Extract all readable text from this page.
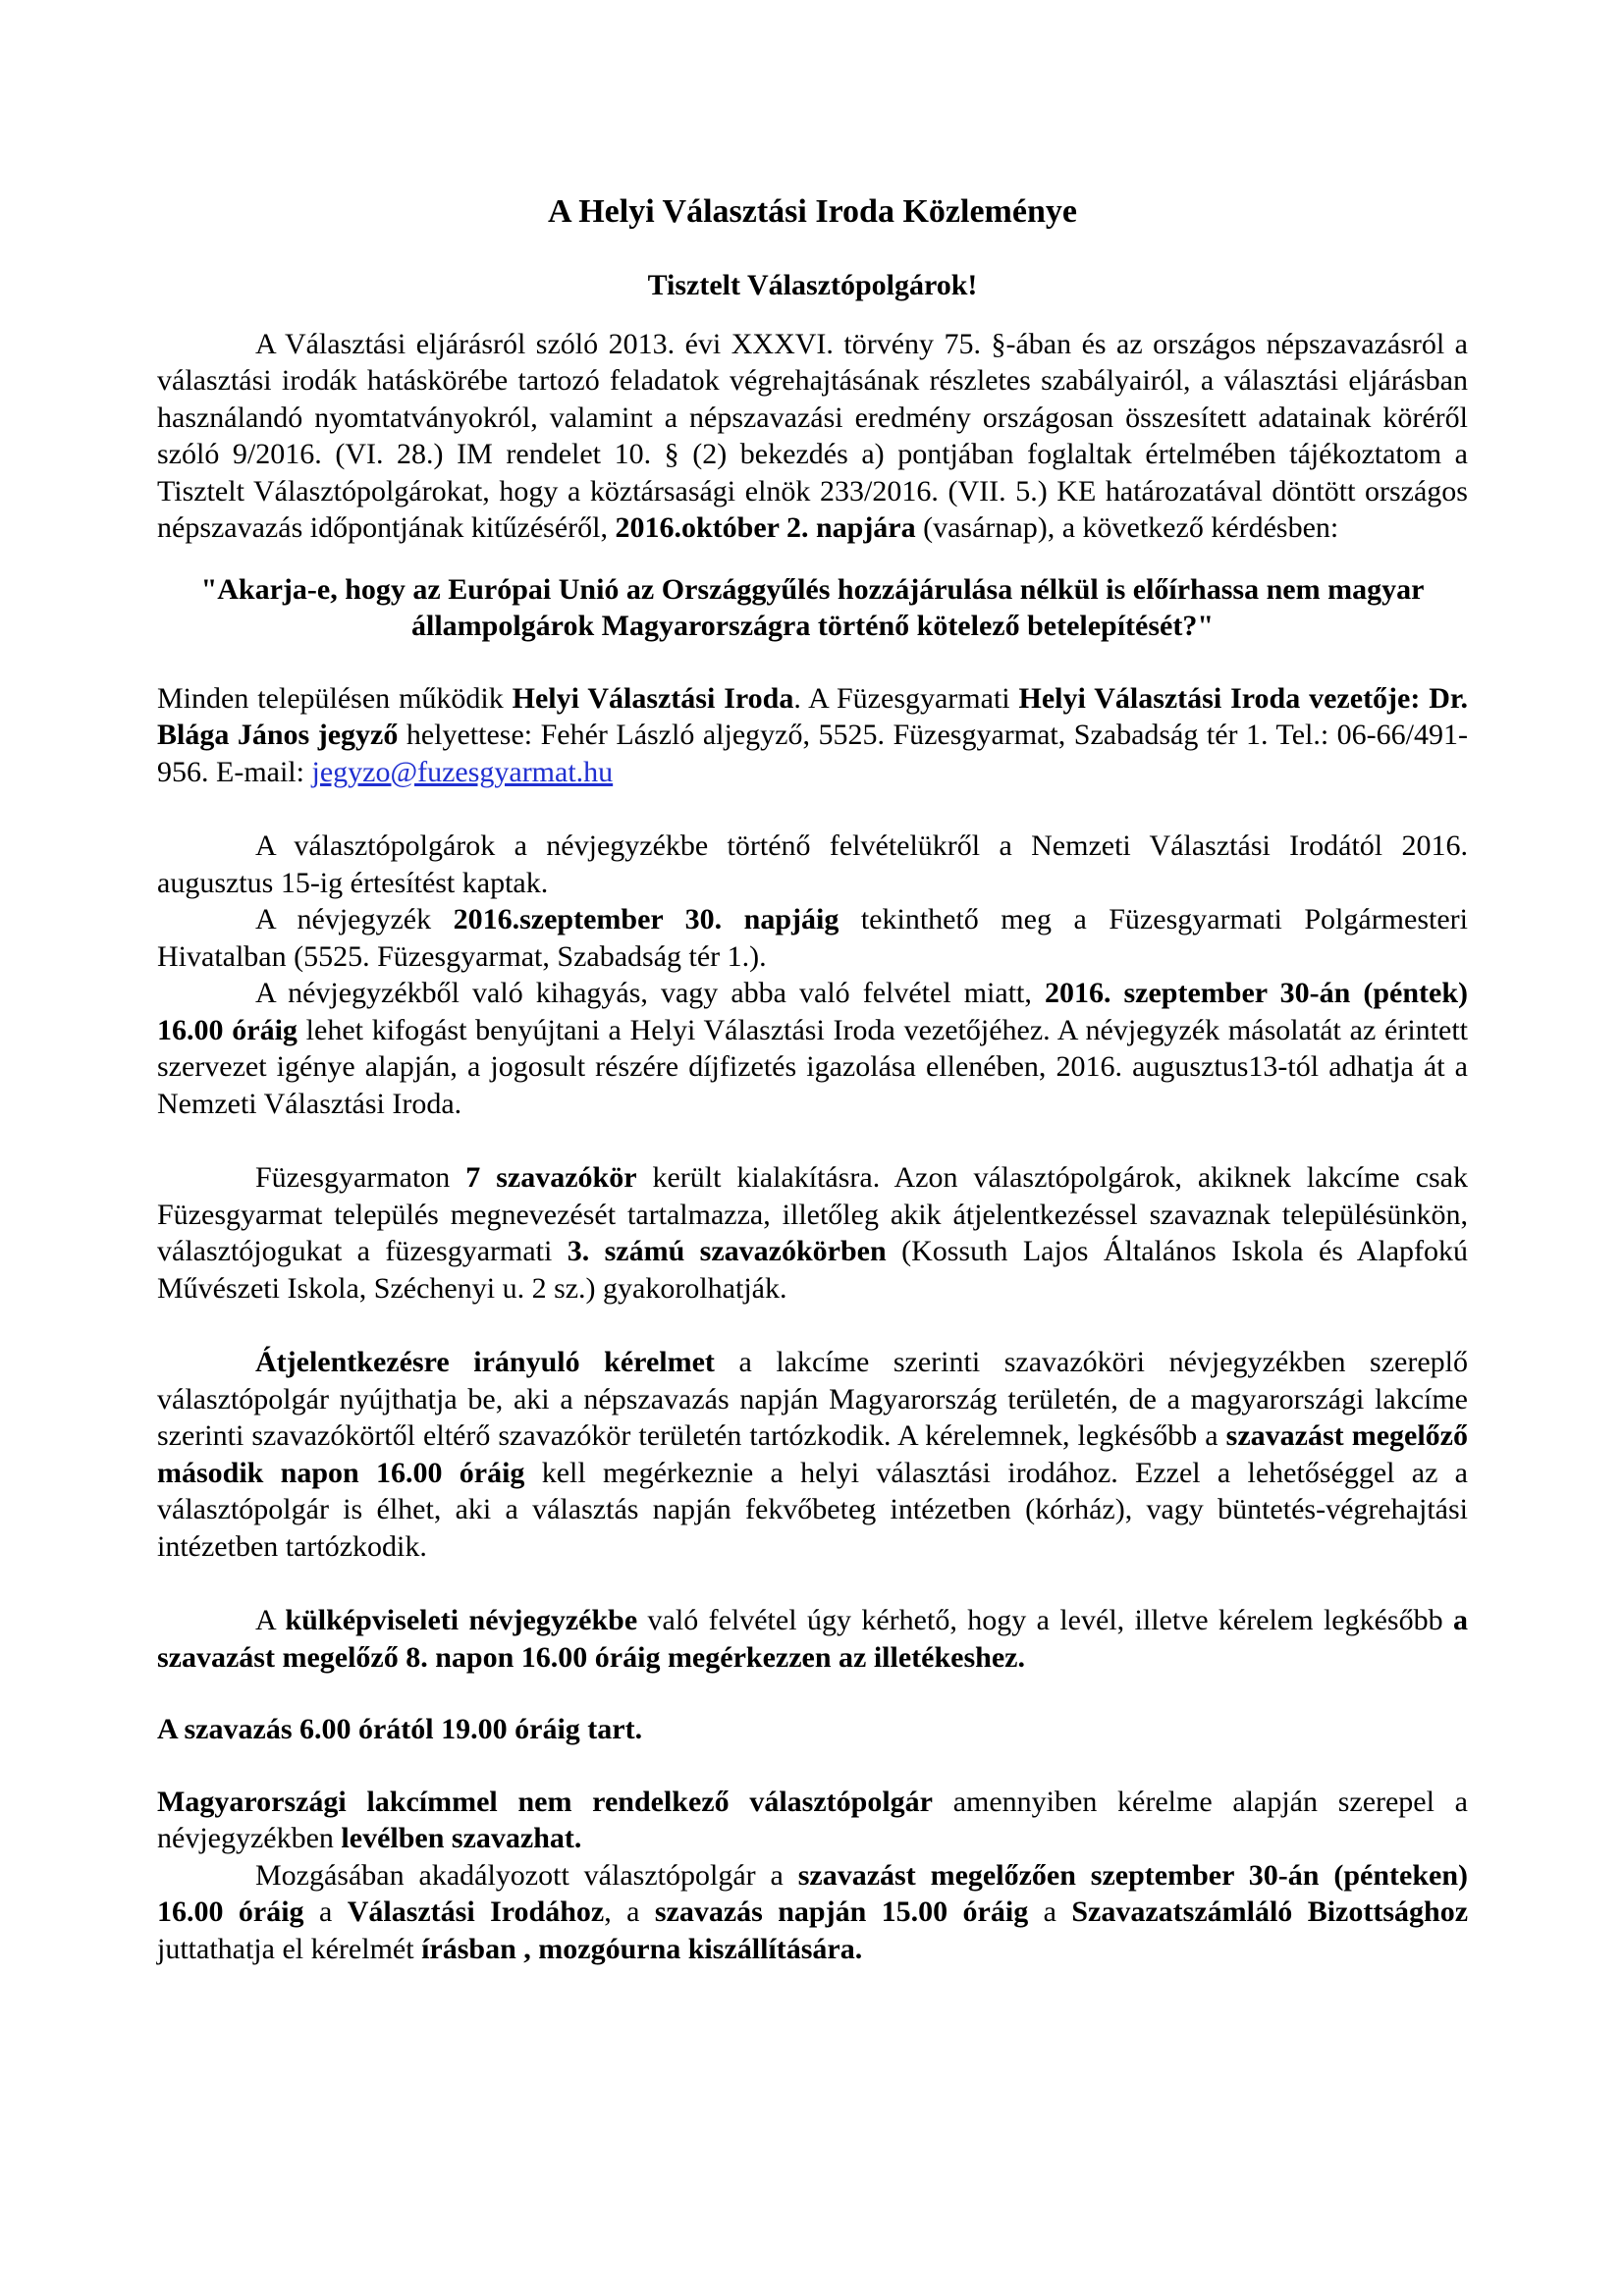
A Helyi Választási Iroda Közleménye

Tisztelt Választópolgárok!

A Választási eljárásról szóló 2013. évi XXXVI. törvény 75. §-ában és az országos népszavazásról a választási irodák hatáskörébe tartozó feladatok végrehajtásának részletes szabályairól, a választási eljárásban használandó nyomtatványokról, valamint a népszavazási eredmény országosan összesített adatainak köréről szóló 9/2016. (VI. 28.) IM rendelet 10. § (2) bekezdés a) pontjában foglaltak értelmében tájékoztatom a Tisztelt Választópolgárokat, hogy a köztársasági elnök 233/2016. (VII. 5.) KE határozatával döntött országos népszavazás időpontjának kitűzéséről, 2016.október 2. napjára (vasárnap), a következő kérdésben:

"Akarja-e, hogy az Európai Unió az Országgyűlés hozzájárulása nélkül is előírhassa nem magyar állampolgárok Magyarországra történő kötelező betelepítését?"

Minden településen működik Helyi Választási Iroda. A Füzesgyarmati Helyi Választási Iroda vezetője: Dr. Blága János jegyző helyettese: Fehér László aljegyző, 5525. Füzesgyarmat, Szabadság tér 1. Tel.: 06-66/491-956. E-mail: jegyzo@fuzesgyarmat.hu

A választópolgárok a névjegyzékbe történő felvételükről a Nemzeti Választási Irodától 2016. augusztus 15-ig értesítést kaptak.

A névjegyzék 2016.szeptember 30. napjáig tekinthető meg a Füzesgyarmati Polgármesteri Hivatalban (5525. Füzesgyarmat, Szabadság tér 1.).

A névjegyzékből való kihagyás, vagy abba való felvétel miatt, 2016. szeptember 30-án (péntek) 16.00 óráig lehet kifogást benyújtani a Helyi Választási Iroda vezetőjéhez. A névjegyzék másolatát az érintett szervezet igénye alapján, a jogosult részére díjfizetés igazolása ellenében, 2016. augusztus13-tól adhatja át a Nemzeti Választási Iroda.

Füzesgyarmaton 7 szavazókör került kialakításra. Azon választópolgárok, akiknek lakcíme csak Füzesgyarmat település megnevezését tartalmazza, illetőleg akik átjelentkezéssel szavaznak településünkön, választójogukat a füzesgyarmati 3. számú szavazókörben (Kossuth Lajos Általános Iskola és Alapfokú Művészeti Iskola, Széchenyi u. 2 sz.) gyakorolhatják.

Átjelentkezésre irányuló kérelmet a lakcíme szerinti szavazóköri névjegyzékben szereplő választópolgár nyújthatja be, aki a népszavazás napján Magyarország területén, de a magyarországi lakcíme szerinti szavazókörtől eltérő szavazókör területén tartózkodik. A kérelemnek, legkésőbb a szavazást megelőző második napon 16.00 óráig kell megérkeznie a helyi választási irodához. Ezzel a lehetőséggel az a választópolgár is élhet, aki a választás napján fekvőbeteg intézetben (kórház), vagy büntetés-végrehajtási intézetben tartózkodik.

A külképviseleti névjegyzékbe való felvétel úgy kérhető, hogy a levél, illetve kérelem legkésőbb a szavazást megelőző 8. napon 16.00 óráig megérkezzen az illetékeshez.

A szavazás 6.00 órától 19.00 óráig tart.

Magyarországi lakcímmel nem rendelkező választópolgár amennyiben kérelme alapján szerepel a névjegyzékben levélben szavazhat.

Mozgásában akadályozott választópolgár a szavazást megelőzően szeptember 30-án (pénteken) 16.00 óráig a Választási Irodához, a szavazás napján 15.00 óráig a Szavazatszámláló Bizottsághoz juttathatja el kérelmét írásban , mozgóurna kiszállítására.
